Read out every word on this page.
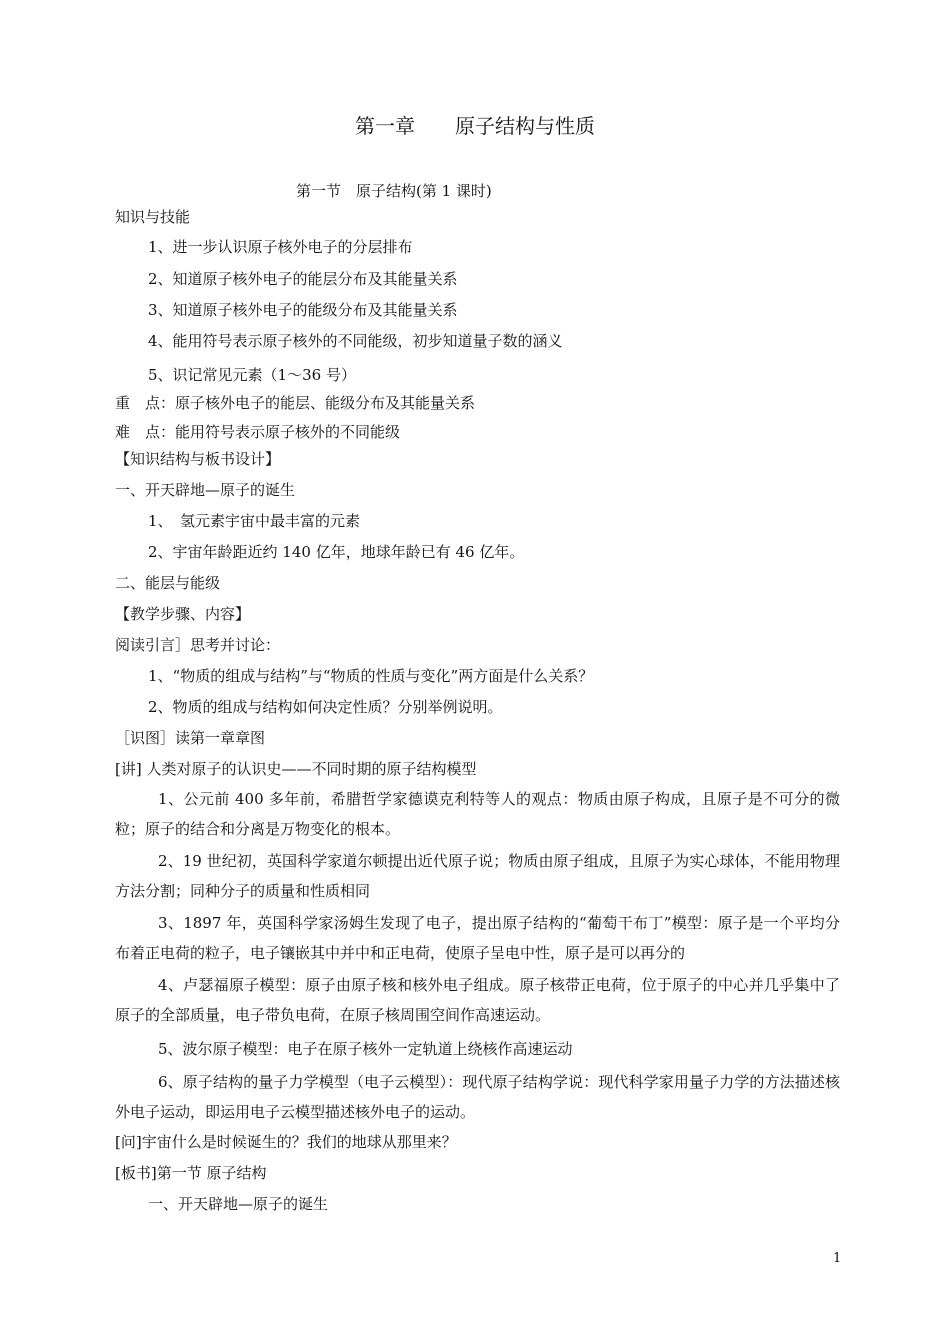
第一章　　原子结构与性质
第一节　原子结构(第 1 课时)

知识与技能

1、进一步认识原子核外电子的分层排布

2、知道原子核外电子的能层分布及其能量关系

3、知道原子核外电子的能级分布及其能量关系

4、能用符号表示原子核外的不同能级，初步知道量子数的涵义

5、识记常见元素（1～36 号）

重　点：原子核外电子的能层、能级分布及其能量关系

难　点：能用符号表示原子核外的不同能级

【知识结构与板书设计】

一、开天辟地—原子的诞生

1、　氢元素宇宙中最丰富的元素

2、宇宙年龄距近约 140 亿年，地球年龄已有 46 亿年。

二、能层与能级

【教学步骤、内容】

阅读引言］思考并讨论：

1、“物质的组成与结构”与“物质的性质与变化”两方面是什么关系？

2、物质的组成与结构如何决定性质？分别举例说明。

［识图］读第一章章图

[讲] 人类对原子的认识史——不同时期的原子结构模型

1、公元前 400 多年前，希腊哲学家德谟克利特等人的观点：物质由原子构成，且原子是不可分的微粒；原子的结合和分离是万物变化的根本。

2、19 世纪初，英国科学家道尔顿提出近代原子说；物质由原子组成，且原子为实心球体，不能用物理方法分割；同种分子的质量和性质相同

3、1897 年，英国科学家汤姆生发现了电子，提出原子结构的“葡萄干布丁”模型：原子是一个平均分布着正电荷的粒子，电子镶嵌其中并中和正电荷，使原子呈电中性，原子是可以再分的

4、卢瑟福原子模型：原子由原子核和核外电子组成。原子核带正电荷，位于原子的中心并几乎集中了原子的全部质量，电子带负电荷，在原子核周围空间作高速运动。

5、波尔原子模型：电子在原子核外一定轨道上绕核作高速运动

6、原子结构的量子力学模型（电子云模型）：现代原子结构学说：现代科学家用量子力学的方法描述核外电子运动，即运用电子云模型描述核外电子的运动。

[问]宇宙什么是时候诞生的？我们的地球从那里来？

[板书]第一节 原子结构

一、开天辟地—原子的诞生

1
